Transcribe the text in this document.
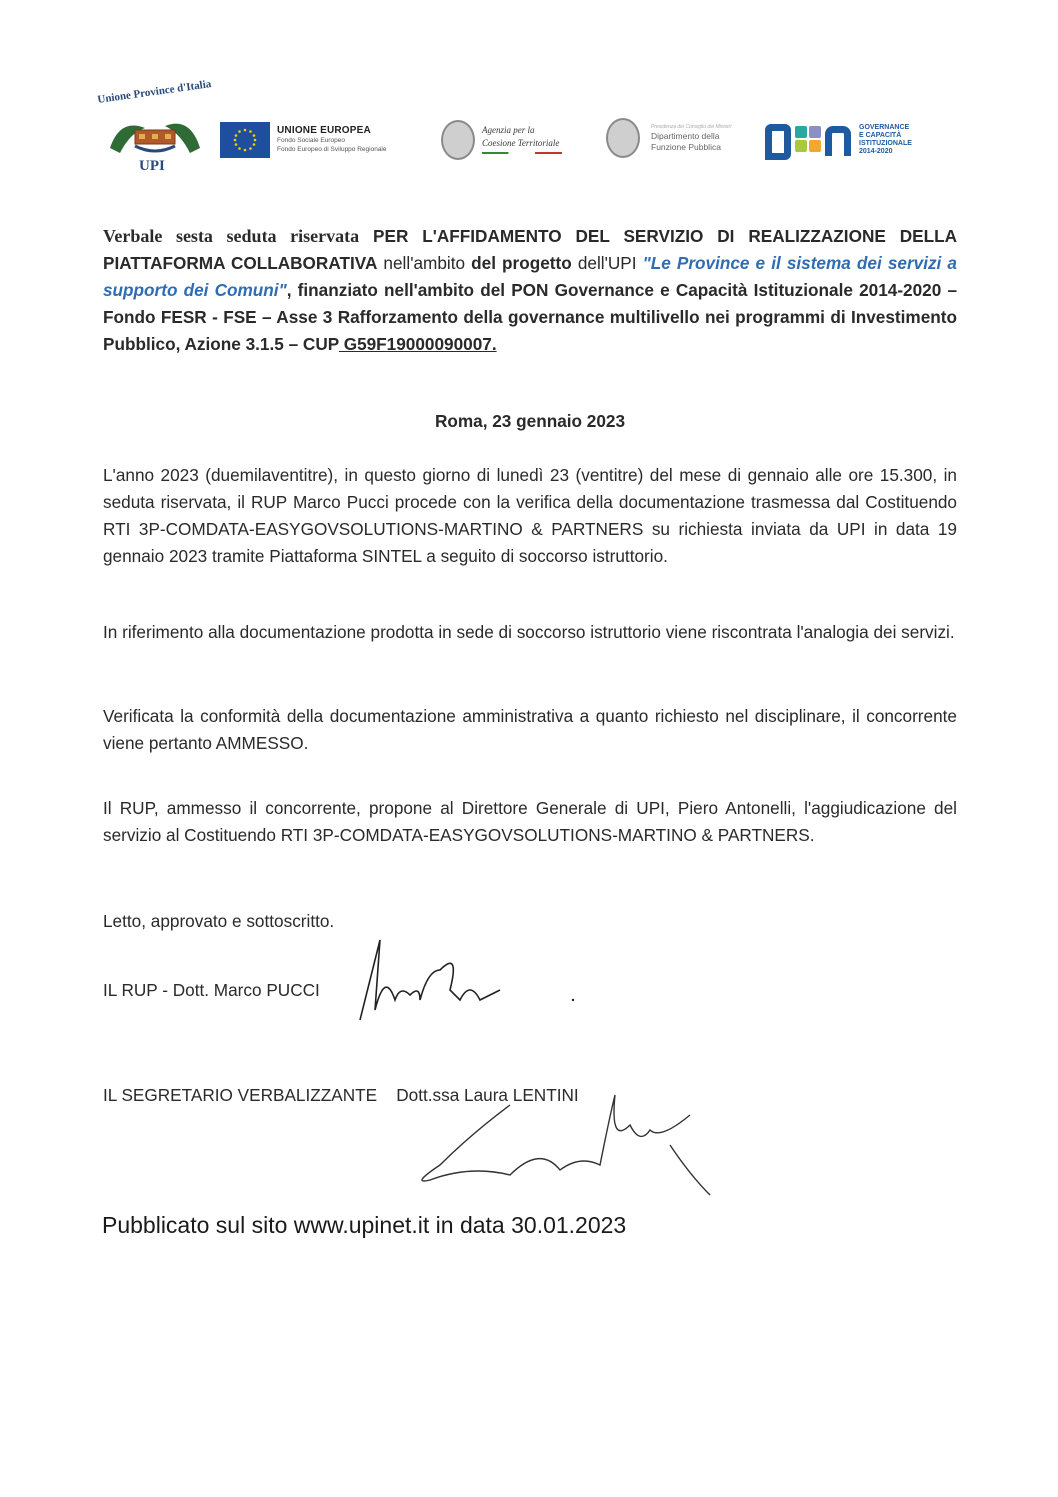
Unione Province d'Italia
UPI
UNIONE EUROPEA
Fondo Sociale Europeo
Fondo Europeo di Sviluppo Regionale
Agenzia per la
Coesione Territoriale
Presidenza del Consiglio dei Ministri
Dipartimento della
Funzione Pubblica
GOVERNANCE
E CAPACITÀ
ISTITUZIONALE
2014-2020
Verbale sesta seduta riservata PER L'AFFIDAMENTO DEL SERVIZIO DI REALIZZAZIONE DELLA PIATTAFORMA COLLABORATIVA nell'ambito del progetto dell'UPI "Le Province e il sistema dei servizi a supporto dei Comuni", finanziato nell'ambito del PON Governance e Capacità Istituzionale 2014-2020 – Fondo FESR - FSE – Asse 3 Rafforzamento della governance multilivello nei programmi di Investimento Pubblico, Azione 3.1.5 – CUP G59F19000090007.
Roma, 23 gennaio 2023
L'anno 2023 (duemilaventitre), in questo giorno di lunedì 23 (ventitre) del mese di gennaio alle ore 15.300, in seduta riservata, il RUP Marco Pucci procede con la verifica della documentazione trasmessa dal Costituendo RTI 3P-COMDATA-EASYGOVSOLUTIONS-MARTINO & PARTNERS su richiesta inviata da UPI in data 19 gennaio 2023 tramite Piattaforma SINTEL a seguito di soccorso istruttorio.
In riferimento alla documentazione prodotta in sede di soccorso istruttorio viene riscontrata l'analogia dei servizi.
Verificata la conformità della documentazione amministrativa a quanto richiesto nel disciplinare, il concorrente viene pertanto AMMESSO.
Il RUP, ammesso il concorrente, propone al Direttore Generale di UPI, Piero Antonelli, l'aggiudicazione del servizio al Costituendo RTI 3P-COMDATA-EASYGOVSOLUTIONS-MARTINO & PARTNERS.
Letto, approvato e sottoscritto.
IL RUP - Dott. Marco PUCCI
IL SEGRETARIO VERBALIZZANTE Dott.ssa Laura LENTINI
Pubblicato sul sito www.upinet.it in data 30.01.2023
